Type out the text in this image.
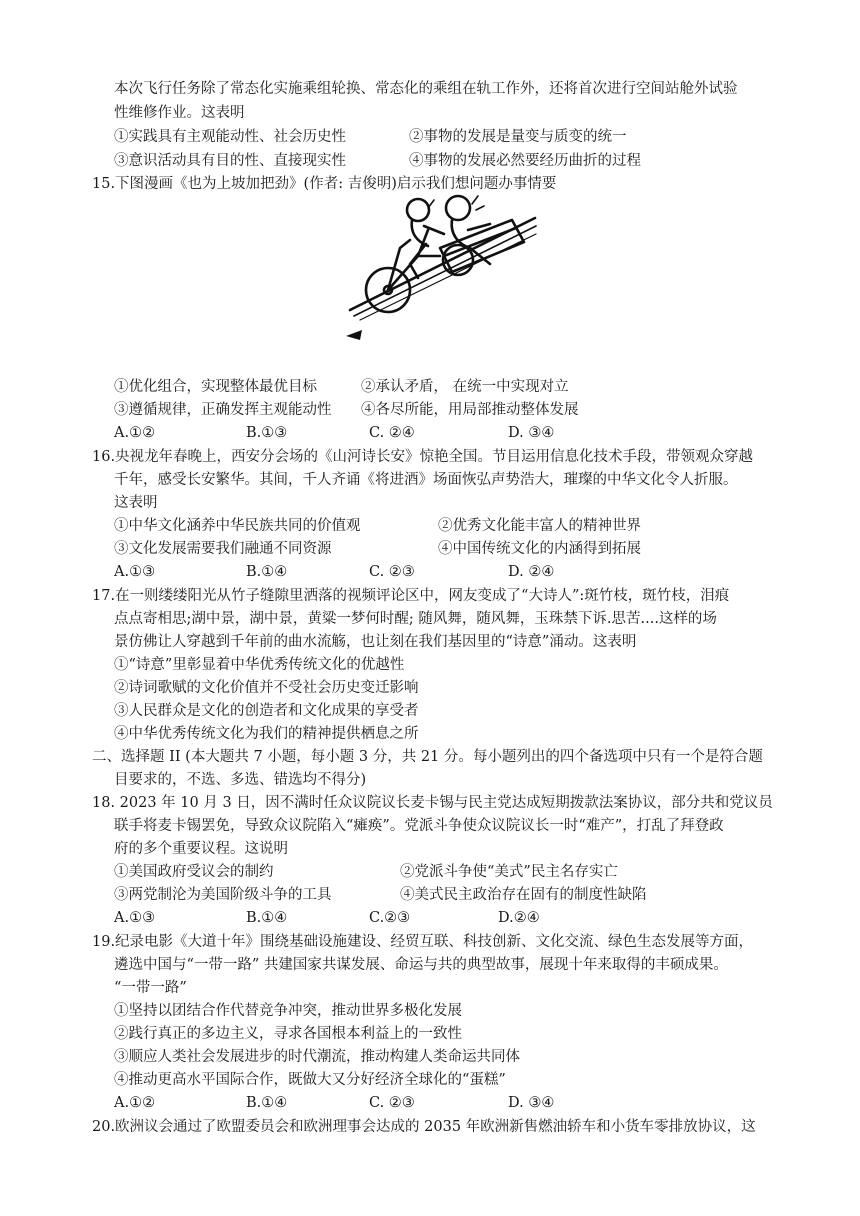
本次飞行任务除了常态化实施乘组轮换、常态化的乘组在轨工作外，还将首次进行空间站舱外试验
性维修作业。这表明
①实践具有主观能动性、社会历史性	②事物的发展是量变与质变的统一
③意识活动具有目的性、直接现实性	④事物的发展必然要经历曲折的过程
15.下图漫画《也为上坡加把劲》(作者: 吉俊明)启示我们想问题办事情要
①优化组合，实现整体最优目标	②承认矛盾， 在统一中实现对立
③遵循规律，正确发挥主观能动性 ④各尽所能，用局部推动整体发展
A.①②	B.①③	C. ②④	D. ③④
16.央视龙年春晚上，西安分会场的《山河诗长安》惊艳全国。节目运用信息化技术手段，带领观众穿越
千年，感受长安繁华。其间，千人齐诵《将进酒》场面恢弘声势浩大，璀璨的中华文化令人折服。
这表明
①中华文化涵养中华民族共同的价值观	②优秀文化能丰富人的精神世界
③文化发展需要我们融通不同资源	④中国传统文化的内涵得到拓展
A.①③	B.①④	C. ②③	D. ②④
17.在一则缕缕阳光从竹子缝隙里洒落的视频评论区中，网友变成了“大诗人”:斑竹枝，斑竹枝，泪痕
点点寄相思;湖中景，湖中景，黄粱一梦何时醒; 随风舞，随风舞，玉珠禁下诉.思苦....这样的场
景仿佛让人穿越到千年前的曲水流觞，也让刻在我们基因里的“诗意”涌动。这表明
①“诗意”里彰显着中华优秀传统文化的优越性
②诗词歌赋的文化价值并不受社会历史变迁影响
③人民群众是文化的创造者和文化成果的享受者
④中华优秀传统文化为我们的精神提供栖息之所
二、选择题 II (本大题共 7 小题，每小题 3 分，共 21 分。每小题列出的四个备选项中只有一个是符合题
目要求的，不选、多选、错选均不得分)
18. 2023 年 10 月 3 日，因不满时任众议院议长麦卡锡与民主党达成短期拨款法案协议，部分共和党议员
联手将麦卡锡罢免，导致众议院陷入“瘫痪”。党派斗争使众议院议长一时“难产”，打乱了拜登政
府的多个重要议程。这说明
①美国政府受议会的制约	②党派斗争使“美式”民主名存实亡
③两党制沦为美国阶级斗争的工具	④美式民主政治存在固有的制度性缺陷
A.①③	B.①④	C.②③	D.②④
19.纪录电影《大道十年》围绕基础设施建设、经贸互联、科技创新、文化交流、绿色生态发展等方面，
遴选中国与“一带一路” 共建国家共谋发展、命运与共的典型故事，展现十年来取得的丰硕成果。
“一带一路”
①坚持以团结合作代替竞争冲突，推动世界多极化发展
②践行真正的多边主义，寻求各国根本利益上的一致性
③顺应人类社会发展进步的时代潮流，推动构建人类命运共同体
④推动更高水平国际合作，既做大又分好经济全球化的“蛋糕”
A.①②	B.①④	C. ②③	D. ③④
20.欧洲议会通过了欧盟委员会和欧洲理事会达成的 2035 年欧洲新售燃油轿车和小货车零排放协议，这
